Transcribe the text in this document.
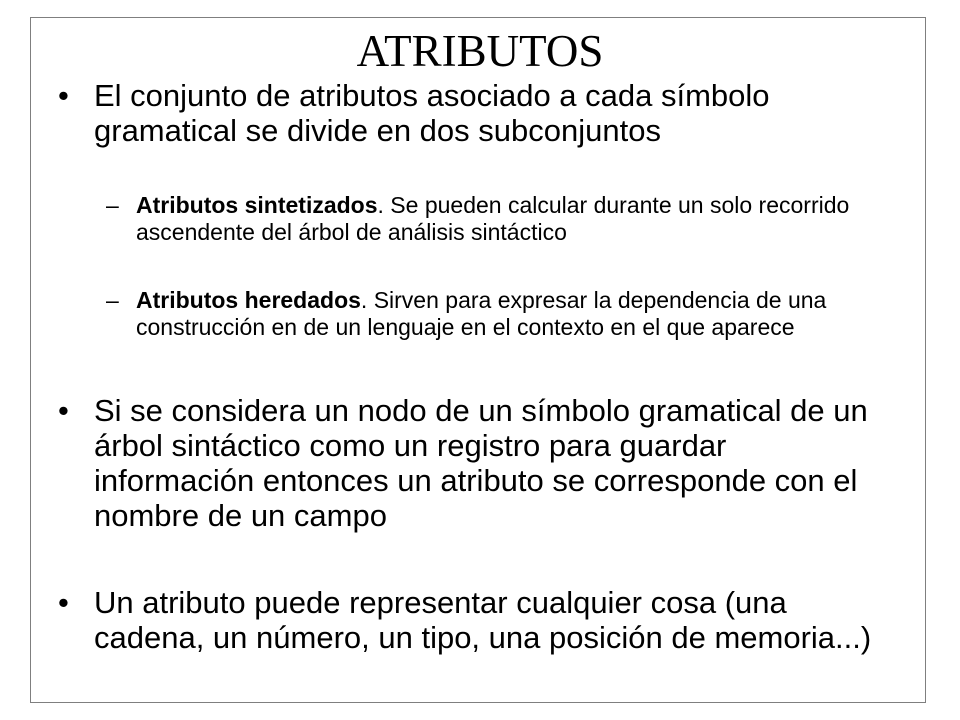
ATRIBUTOS
• El conjunto de atributos asociado a cada símbolo gramatical se divide en dos subconjuntos
– Atributos sintetizados. Se pueden calcular durante un solo recorrido ascendente del árbol de análisis sintáctico
– Atributos heredados. Sirven para expresar la dependencia de una construcción en de un lenguaje en el contexto en el que aparece
• Si se considera un nodo de un símbolo gramatical de un árbol sintáctico como un registro para guardar información entonces un atributo se corresponde con el nombre de un campo
• Un atributo puede representar cualquier cosa (una cadena, un número, un tipo, una posición de memoria...)
